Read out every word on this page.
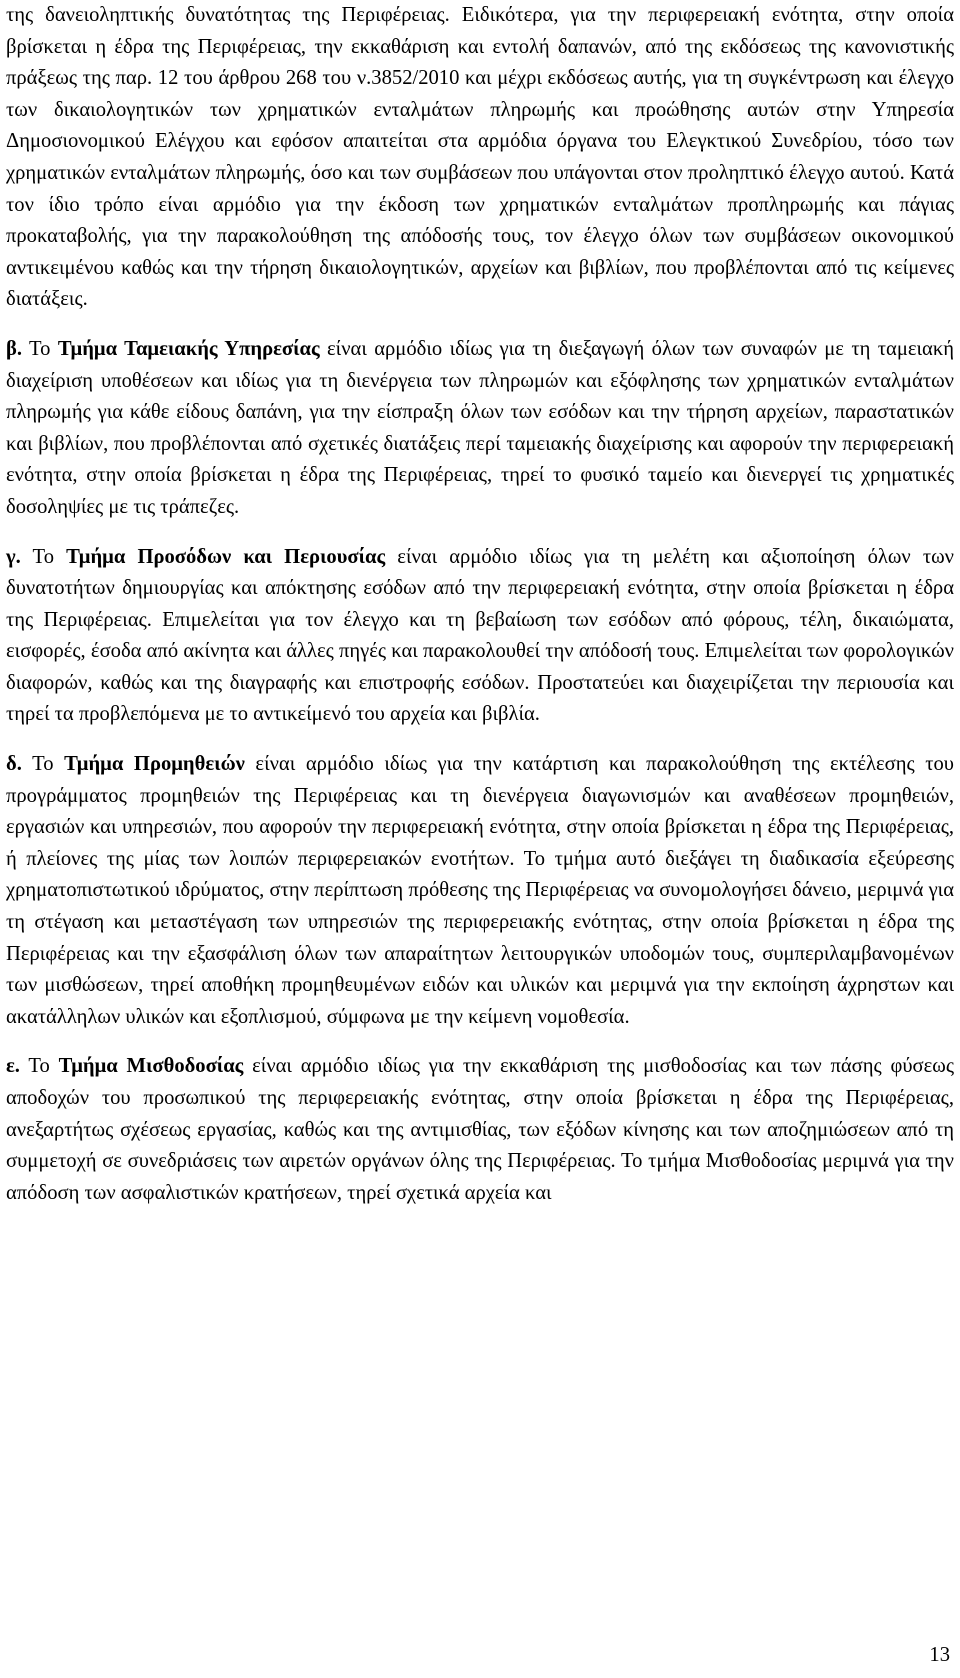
της δανειοληπτικής δυνατότητας της Περιφέρειας. Ειδικότερα, για την περιφερειακή ενότητα, στην οποία βρίσκεται η έδρα της Περιφέρειας, την εκκαθάριση και εντολή δαπανών, από της εκδόσεως της κανονιστικής πράξεως της παρ. 12 του άρθρου 268 του ν.3852/2010 και μέχρι εκδόσεως αυτής, για τη συγκέντρωση και έλεγχο των δικαιολογητικών των χρηματικών ενταλμάτων πληρωμής και προώθησης αυτών στην Υπηρεσία Δημοσιονομικού Ελέγχου και εφόσον απαιτείται στα αρμόδια όργανα του Ελεγκτικού Συνεδρίου, τόσο των χρηματικών ενταλμάτων πληρωμής, όσο και των συμβάσεων που υπάγονται στον προληπτικό έλεγχο αυτού. Κατά τον ίδιο τρόπο είναι αρμόδιο για την έκδοση των χρηματικών ενταλμάτων προπληρωμής και πάγιας προκαταβολής, για την παρακολούθηση της απόδοσής τους, τον έλεγχο όλων των συμβάσεων οικονομικού αντικειμένου καθώς και την τήρηση δικαιολογητικών, αρχείων και βιβλίων, που προβλέπονται από τις κείμενες διατάξεις.

β. Το Τμήμα Ταμειακής Υπηρεσίας είναι αρμόδιο ιδίως για τη διεξαγωγή όλων των συναφών με τη ταμειακή διαχείριση υποθέσεων και ιδίως για τη διενέργεια των πληρωμών και εξόφλησης των χρηματικών ενταλμάτων πληρωμής για κάθε είδους δαπάνη, για την είσπραξη όλων των εσόδων και την τήρηση αρχείων, παραστατικών και βιβλίων, που προβλέπονται από σχετικές διατάξεις περί ταμειακής διαχείρισης και αφορούν την περιφερειακή ενότητα, στην οποία βρίσκεται η έδρα της Περιφέρειας, τηρεί το φυσικό ταμείο και διενεργεί τις χρηματικές δοσοληψίες με τις τράπεζες.

γ. Το Τμήμα Προσόδων και Περιουσίας είναι αρμόδιο ιδίως για τη μελέτη και αξιοποίηση όλων των δυνατοτήτων δημιουργίας και απόκτησης εσόδων από την περιφερειακή ενότητα, στην οποία βρίσκεται η έδρα της Περιφέρειας. Επιμελείται για τον έλεγχο και τη βεβαίωση των εσόδων από φόρους, τέλη, δικαιώματα, εισφορές, έσοδα από ακίνητα και άλλες πηγές και παρακολουθεί την απόδοσή τους. Επιμελείται των φορολογικών διαφορών, καθώς και της διαγραφής και επιστροφής εσόδων. Προστατεύει και διαχειρίζεται την περιουσία και τηρεί τα προβλεπόμενα με το αντικείμενό του αρχεία και βιβλία.

δ. Το Τμήμα Προμηθειών είναι αρμόδιο ιδίως για την κατάρτιση και παρακολούθηση της εκτέλεσης του προγράμματος προμηθειών της Περιφέρειας και τη διενέργεια διαγωνισμών και αναθέσεων προμηθειών, εργασιών και υπηρεσιών, που αφορούν την περιφερειακή ενότητα, στην οποία βρίσκεται η έδρα της Περιφέρειας, ή πλείονες της μίας των λοιπών περιφερειακών ενοτήτων. Το τμήμα αυτό διεξάγει τη διαδικασία εξεύρεσης χρηματοπιστωτικού ιδρύματος, στην περίπτωση πρόθεσης της Περιφέρειας να συνομολογήσει δάνειο, μεριμνά για τη στέγαση και μεταστέγαση των υπηρεσιών της περιφερειακής ενότητας, στην οποία βρίσκεται η έδρα της Περιφέρειας και την εξασφάλιση όλων των απαραίτητων λειτουργικών υποδομών τους, συμπεριλαμβανομένων των μισθώσεων, τηρεί αποθήκη προμηθευμένων ειδών και υλικών και μεριμνά για την εκποίηση άχρηστων και ακατάλληλων υλικών και εξοπλισμού, σύμφωνα με την κείμενη νομοθεσία.

ε. Το Τμήμα Μισθοδοσίας είναι αρμόδιο ιδίως για την εκκαθάριση της μισθοδοσίας και των πάσης φύσεως αποδοχών του προσωπικού της περιφερειακής ενότητας, στην οποία βρίσκεται η έδρα της Περιφέρειας, ανεξαρτήτως σχέσεως εργασίας, καθώς και της αντιμισθίας, των εξόδων κίνησης και των αποζημιώσεων από τη συμμετοχή σε συνεδριάσεις των αιρετών οργάνων όλης της Περιφέρειας. Το τμήμα Μισθοδοσίας μεριμνά για την απόδοση των ασφαλιστικών κρατήσεων, τηρεί σχετικά αρχεία και

13
